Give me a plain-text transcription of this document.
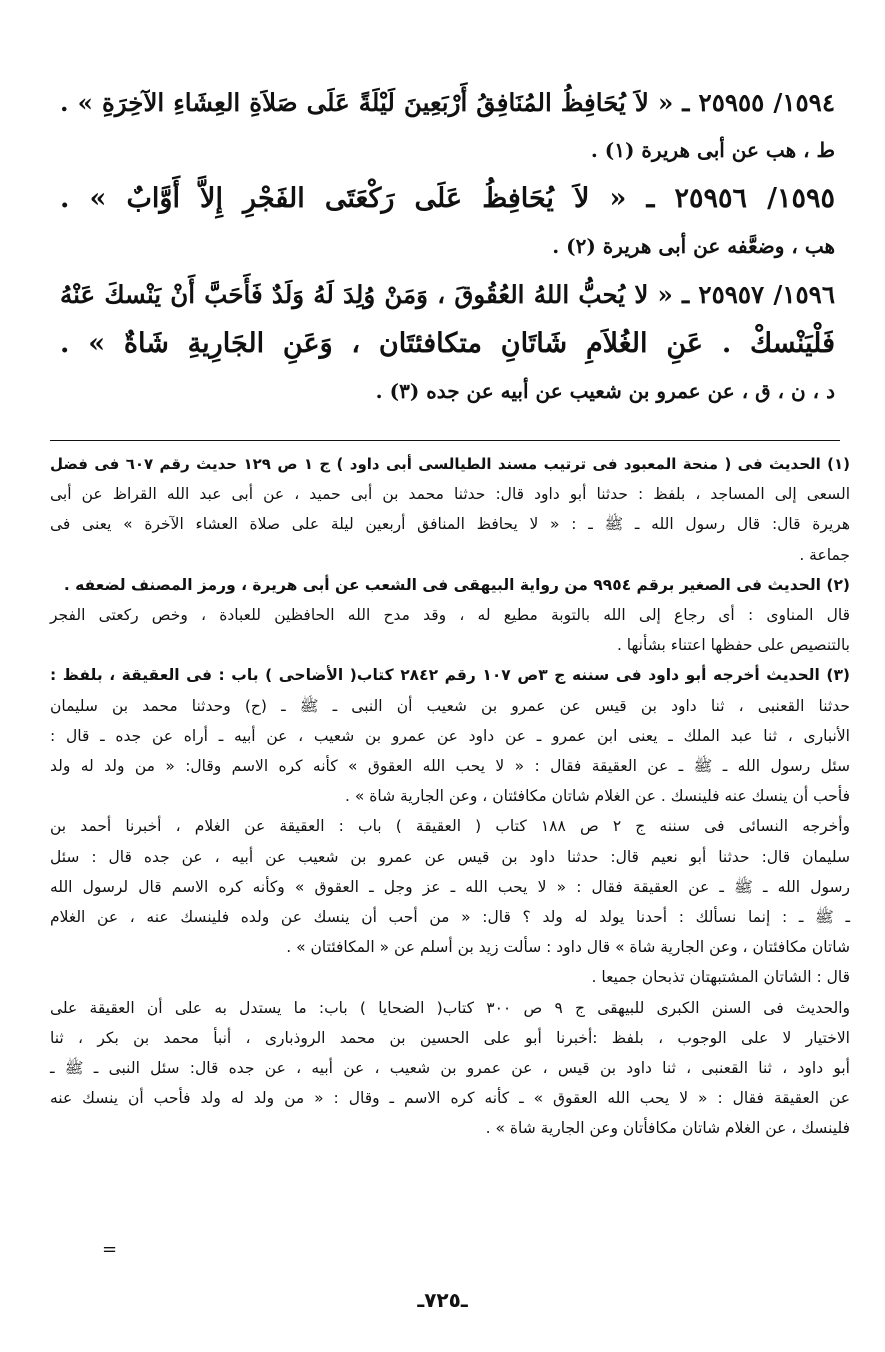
١٥٩٤/ ٢٥٩٥٥ ـ « لاَ يُحَافِظُ المُنَافِقُ أَرْبَعِينَ لَيْلَةً عَلَى صَلاَةِ العِشَاءِ الآخِرَةِ » .

ط ، هب عن أبى هريرة (١) .

١٥٩٥/ ٢٥٩٥٦ ـ « لاَ يُحَافِظُ عَلَى رَكْعَتَى الفَجْرِ إِلاَّ أَوَّابٌ » .

هب ، وضعَّفه عن أبى هريرة (٢) .

١٥٩٦/ ٢٥٩٥٧ ـ « لا يُحبُّ اللهُ العُقُوقَ ، وَمَنْ وُلِدَ لَهُ وَلَدٌ فَأَحَبَّ أَنْ يَنْسكَ عَنْهُ

فَلْيَنْسكْ . عَنِ الغُلاَمِ شَاتَانِ متكافئتَان ، وَعَنِ الجَارِيةِ شَاةٌ » .

د ، ن ، ق ، عن عمرو بن شعيب عن أبيه عن جده (٣) .

(١) الحديث فى ( منحة المعبود فى ترتيب مسند الطيالسى أبى داود ) ج ١ ص ١٢٩ حديث رقم ٦٠٧ فى فضل

السعى إلى المساجد ، بلفظ : حدثنا أبو داود قال: حدثنا محمد بن أبى حميد ، عن أبى عبد الله القراظ عن أبى

هريرة قال: قال رسول الله ـ ﷺ ـ : « لا يحافظ المنافق أربعين ليلة على صلاة العشاء الآخرة » يعنى فى

جماعة .

(٢) الحديث فى الصغير برقم ٩٩٥٤ من رواية البيهقى فى الشعب عن أبى هريرة ، ورمز المصنف لضعفه .

قال المناوى : أى رجاع إلى الله بالتوبة مطيع له ، وقد مدح الله الحافظين للعبادة ، وخص ركعتى الفجر

بالتنصيص على حفظها اعتناء بشأنها .

(٣) الحديث أخرجه أبو داود فى سننه ج ٣ص ١٠٧ رقم ٢٨٤٢ كتاب( الأضاحى ) باب : فى العقيقة ، بلفظ :

حدثنا القعنبى ، ثنا داود بن قيس عن عمرو بن شعيب أن النبى ـ ﷺ ـ (ح) وحدثنا محمد بن سليمان

الأنبارى ، ثنا عبد الملك ـ يعنى ابن عمرو ـ عن داود عن عمرو بن شعيب ، عن أبيه ـ أراه عن جده ـ قال :

سئل رسول الله ـ ﷺ ـ عن العقيقة فقال : « لا يحب الله العقوق » كأنه كره الاسم وقال: « من ولد له ولد

فأحب أن ينسك عنه فلينسك . عن الغلام شاتان مكافئتان ، وعن الجارية شاة » .

وأخرجه النسائى فى سننه ج ٢ ص ١٨٨ كتاب ( العقيقة ) باب : العقيقة عن الغلام ، أخبرنا أحمد بن

سليمان قال: حدثنا أبو نعيم قال: حدثنا داود بن قيس عن عمرو بن شعيب عن أبيه ، عن جده قال : سئل

رسول الله ـ ﷺ ـ عن العقيقة فقال : « لا يحب الله ـ عز وجل ـ العقوق » وكأنه كره الاسم قال لرسول الله

ـ ﷺ ـ : إنما نسألك : أحدنا يولد له ولد ؟ قال: « من أحب أن ينسك عن ولده فلينسك عنه ، عن الغلام

شاتان مكافئتان ، وعن الجارية شاة » قال داود : سألت زيد بن أسلم عن « المكافئتان » .

قال : الشاتان المشتبهتان تذبحان جميعا .

والحديث فى السنن الكبرى للبيهقى ج ٩ ص ٣٠٠ كتاب( الضحايا ) باب: ما يستدل به على أن العقيقة على

الاختيار لا على الوجوب ، بلفظ :أخبرنا أبو على الحسين بن محمد الروذبارى ، أنبأ محمد بن بكر ، ثنا

أبو داود ، ثنا القعنبى ، ثنا داود بن قيس ، عن عمرو بن شعيب ، عن أبيه ، عن جده قال: سئل النبى ـ ﷺ ـ

عن العقيقة فقال : « لا يحب الله العقوق » ـ كأنه كره الاسم ـ وقال : « من ولد له ولد فأحب أن ينسك عنه

فلينسك ، عن الغلام شاتان مكافأتان وعن الجارية شاة » .

=
ـ٧٢٥ـ
